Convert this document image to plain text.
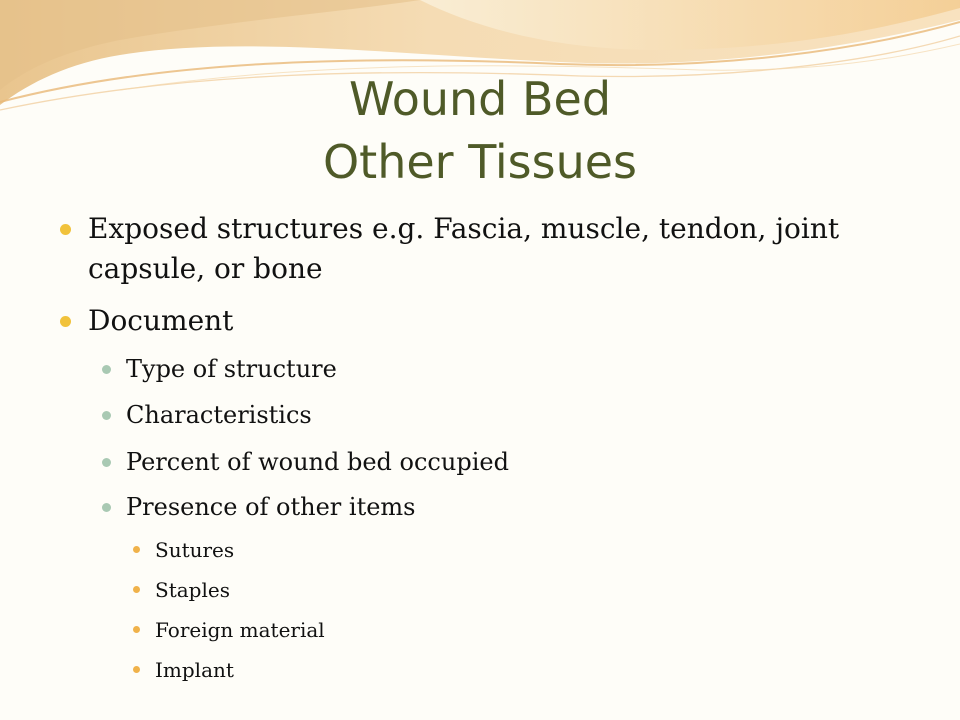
Wound Bed
Other Tissues
Exposed structures e.g. Fascia, muscle, tendon, joint
capsule, or bone
Document
Type of structure
Characteristics
Percent of wound bed occupied
Presence of other items
Sutures
Staples
Foreign material
Implant
